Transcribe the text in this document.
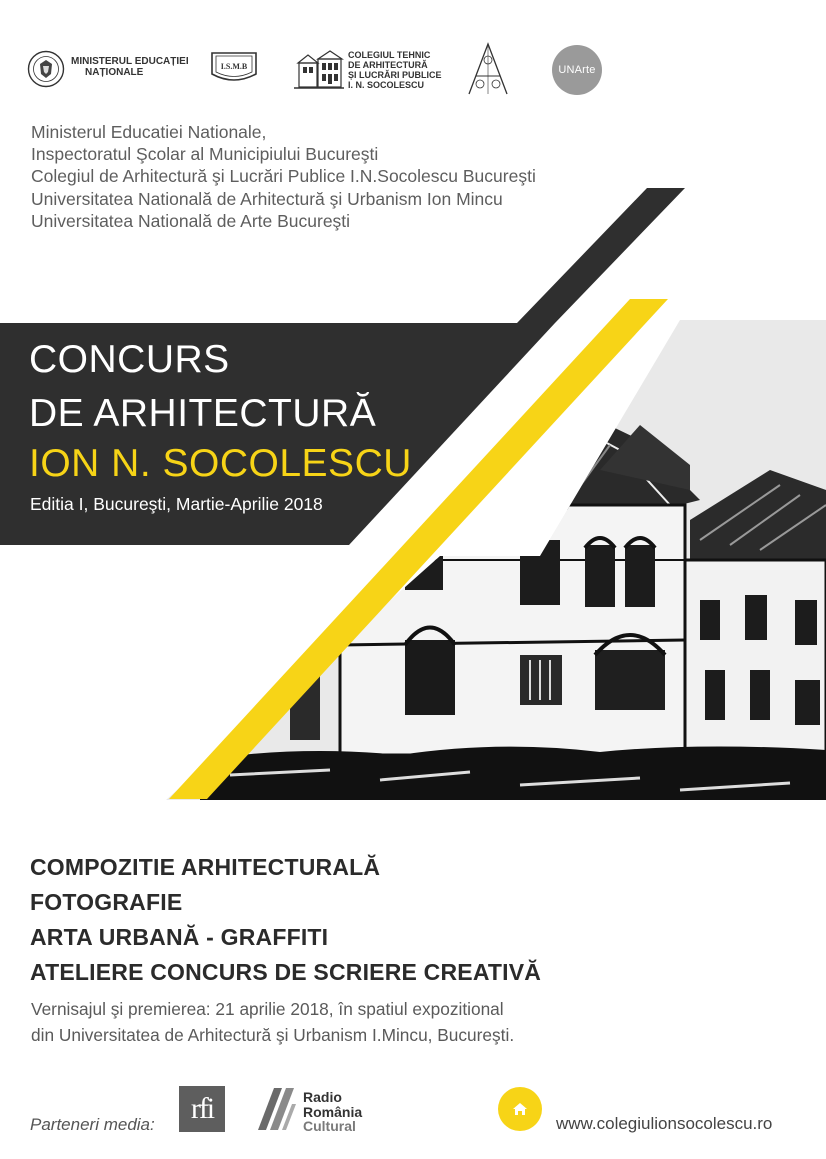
MINISTERUL EDUCAȚIEI
NAȚIONALE	I.S.M.B
COLEGIUL TEHNIC
DE ARHITECTURĂ
ȘI LUCRĂRI PUBLICE
I. N. SOCOLESCU
UNArte
Ministerul Educatiei Nationale,
Inspectoratul Şcolar al Municipiului Bucureşti
Colegiul de Arhitectură şi Lucrări Publice I.N.Socolescu Bucureşti
Universitatea Natională de Arhitectură şi Urbanism Ion Mincu
Universitatea Natională de Arte Bucureşti
CONCURS
DE ARHITECTURĂ
ION N. SOCOLESCU
Editia I, Bucureşti, Martie-Aprilie 2018
COMPOZITIE ARHITECTURALĂ
FOTOGRAFIE
ARTA URBANĂ - GRAFFITI
ATELIERE CONCURS DE SCRIERE CREATIVĂ
Vernisajul şi premierea: 21 aprilie 2018, în spatiul expozitional
din Universitatea de Arhitectură şi Urbanism I.Mincu, Bucureşti.
Parteneri media: rfi	Radio
România
Cultural	www.colegiulionsocolescu.ro
